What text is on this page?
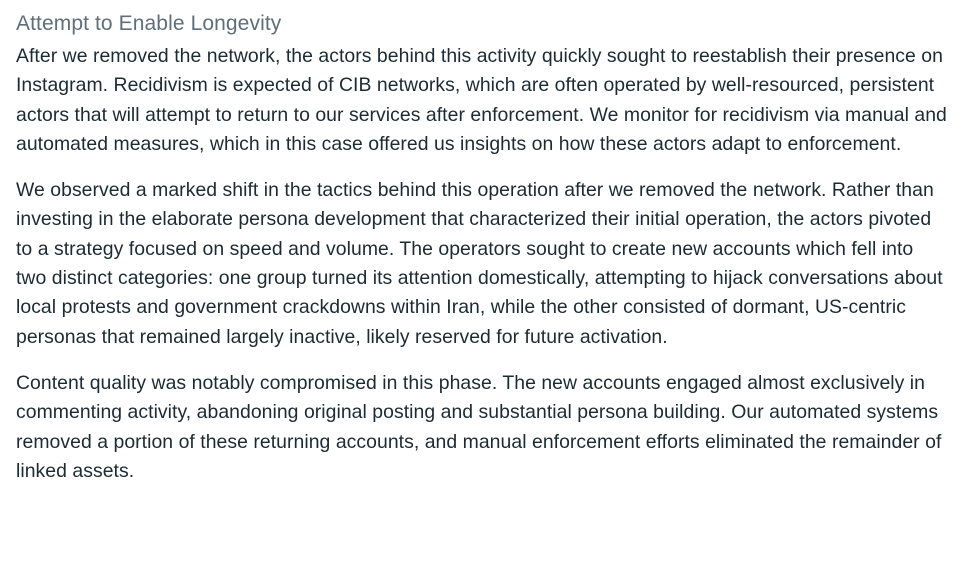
Attempt to Enable Longevity

After we removed the network, the actors behind this activity quickly sought to reestablish their presence on Instagram. Recidivism is expected of CIB networks, which are often operated by well-resourced, persistent actors that will attempt to return to our services after enforcement. We monitor for recidivism via manual and automated measures, which in this case offered us insights on how these actors adapt to enforcement.

We observed a marked shift in the tactics behind this operation after we removed the network. Rather than investing in the elaborate persona development that characterized their initial operation, the actors pivoted to a strategy focused on speed and volume. The operators sought to create new accounts which fell into two distinct categories: one group turned its attention domestically, attempting to hijack conversations about local protests and government crackdowns within Iran, while the other consisted of dormant, US-centric personas that remained largely inactive, likely reserved for future activation.

Content quality was notably compromised in this phase. The new accounts engaged almost exclusively in commenting activity, abandoning original posting and substantial persona building. Our automated systems removed a portion of these returning accounts, and manual enforcement efforts eliminated the remainder of linked assets.
